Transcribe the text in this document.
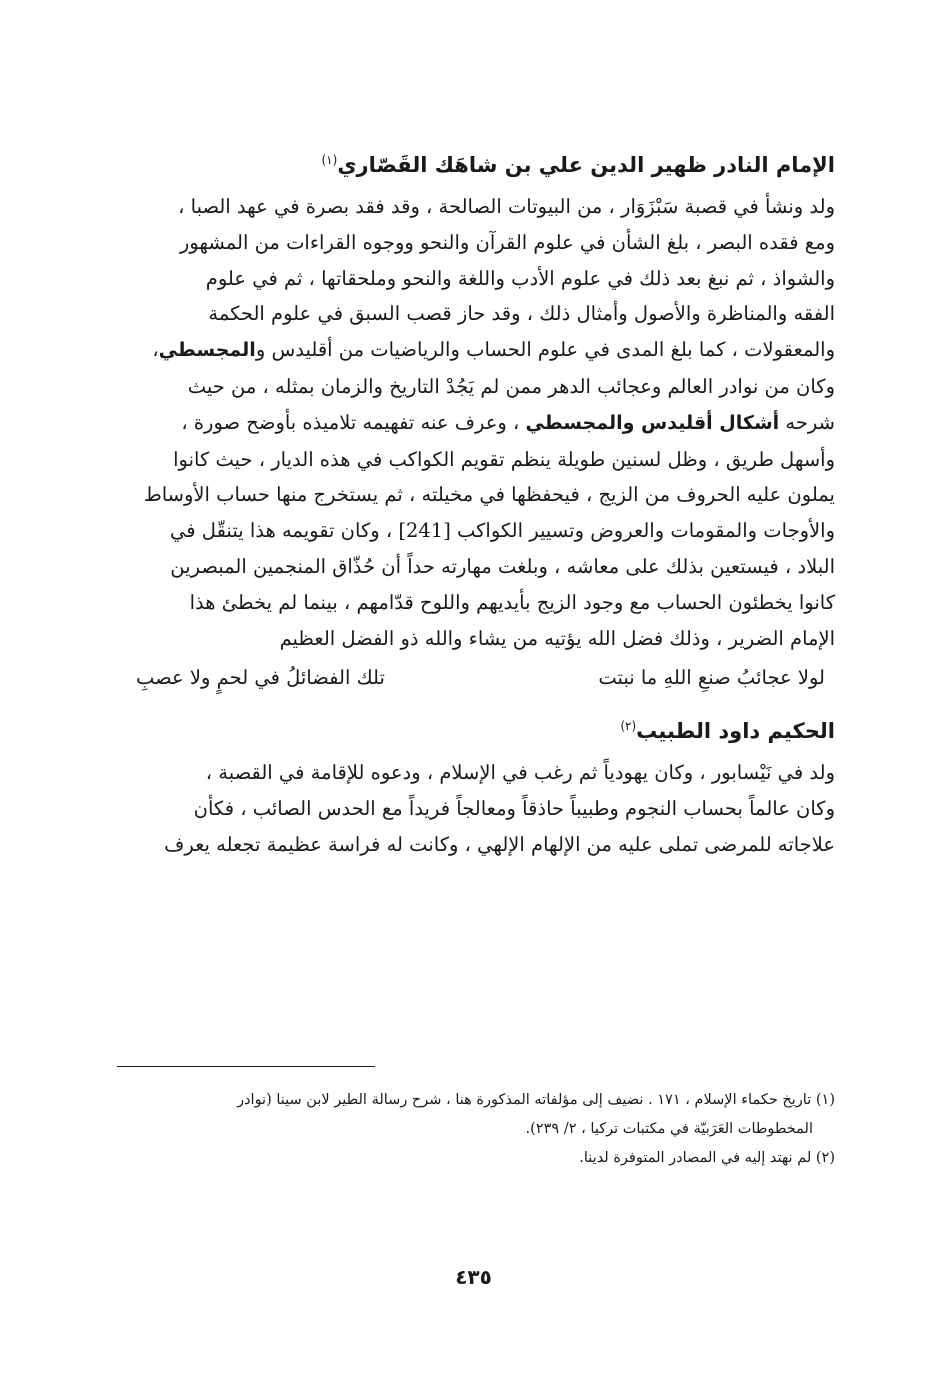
الإمام النادر ظهير الدين علي بن شاهَك القَصّاري$^{(١)}$

ولد ونشأ في قصبة سَبْزَوَار ، من البيوتات الصالحة ، وقد فقد بصرة في عهد الصبا ،

ومع فقده البصر ، بلغ الشأن في علوم القرآن والنحو ووجوه القراءات من المشهور

والشواذ ، ثم نبغ بعد ذلك في علوم الأدب واللغة والنحو وملحقاتها ، ثم في علوم

الفقه والمناظرة والأصول وأمثال ذلك ، وقد حاز قصب السبق في علوم الحكمة

والمعقولات ، كما بلغ المدى في علوم الحساب والرياضيات من أقليدس والمجسطي،

وكان من نوادر العالم وعجائب الدهر ممن لم يَجُدْ التاريخ والزمان بمثله ، من حيث

شرحه أشكال أقليدس والمجسطي ، وعرف عنه تفهيمه تلاميذه بأوضح صورة ،

وأسهل طريق ، وظل لسنين طويلة ينظم تقويم الكواكب في هذه الديار ، حيث كانوا

يملون عليه الحروف من الزيج ، فيحفظها في مخيلته ، ثم يستخرج منها حساب الأوساط

والأوجات والمقومات والعروض وتسيير الكواكب [241] ، وكان تقويمه هذا يتنقّل في

البلاد ، فيستعين بذلك على معاشه ، وبلغت مهارته حداً أن حُذّاق المنجمين المبصرين

كانوا يخطئون الحساب مع وجود الزيج بأيديهم واللوح قدّامهم ، بينما لم يخطئ هذا

الإمام الضرير ، وذلك فضل الله يؤتيه من يشاء والله ذو الفضل العظيم

لولا عجائبُ صنعِ اللهِ ما نبتت
تلك الفضائلُ في لحمٍ ولا عصبِ
الحكيم داود الطبيب$^{(٢)}$

ولد في نَيْسابور ، وكان يهودياً ثم رغب في الإسلام ، ودعوه للإقامة في القصبة ،

وكان عالماً بحساب النجوم وطبيباً حاذقاً ومعالجاً فريداً مع الحدس الصائب ، فكأن

علاجاته للمرضى تملى عليه من الإلهام الإلهي ، وكانت له فراسة عظيمة تجعله يعرف

(١) تاريخ حكماء الإسلام ، ١٧١ . نضيف إلى مؤلفاته المذكورة هنا ، شرح رسالة الطير لابن سينا (نوادر

المخطوطات العَرَبيّة في مكتبات تركيا ، ٢/ ٢٣٩).

(٢) لم نهتد إليه في المصادر المتوفرة لدينا.

٤٣٥
